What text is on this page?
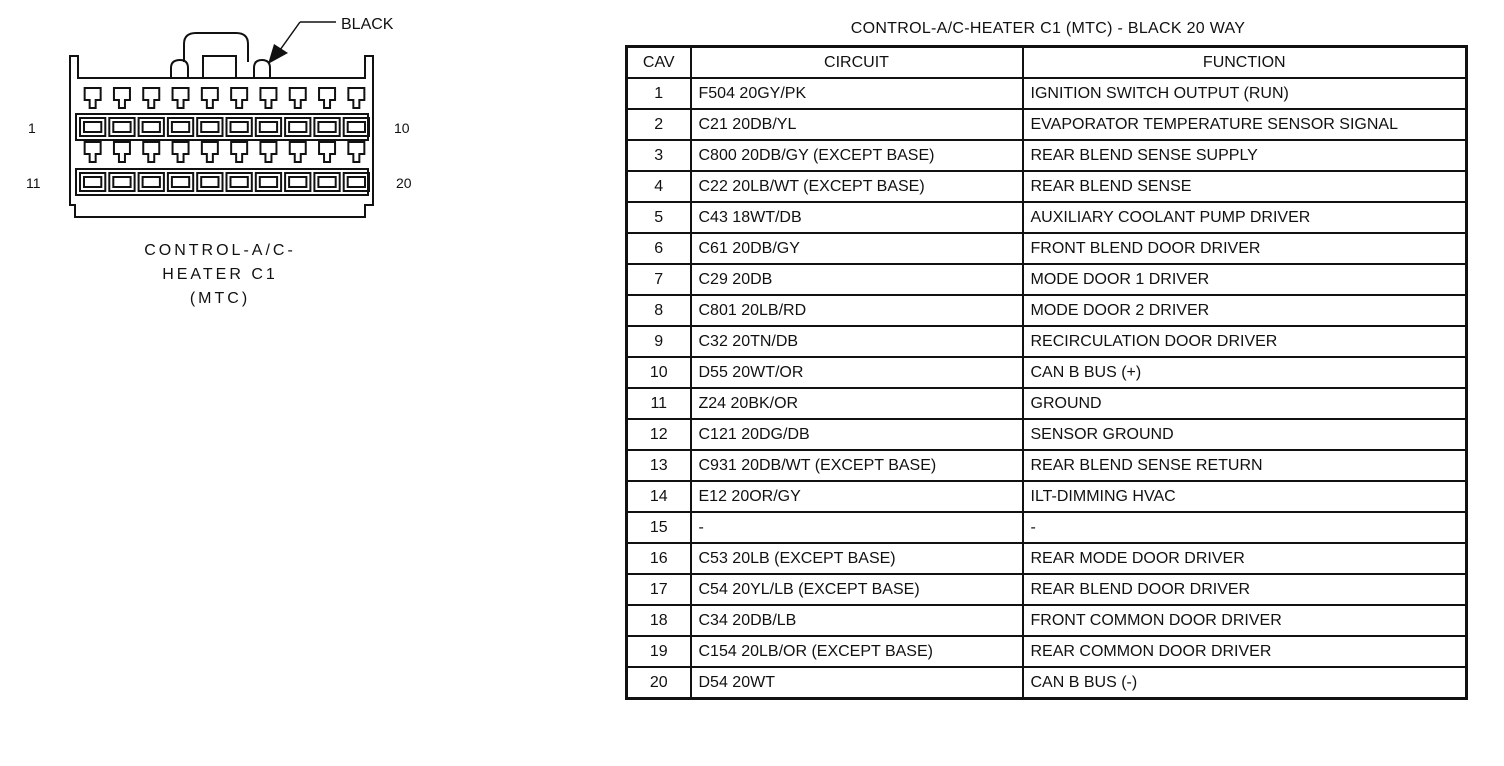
BLACK
1	10
11	20
CONTROL-A/C-
HEATER C1
(MTC)
CONTROL-A/C-HEATER C1 (MTC) - BLACK 20 WAY
CAV	CIRCUIT	FUNCTION
1	F504 20GY/PK	IGNITION SWITCH OUTPUT (RUN)
2	C21 20DB/YL	EVAPORATOR TEMPERATURE SENSOR SIGNAL
3	C800 20DB/GY (EXCEPT BASE)	REAR BLEND SENSE SUPPLY
4	C22 20LB/WT (EXCEPT BASE)	REAR BLEND SENSE
5	C43 18WT/DB	AUXILIARY COOLANT PUMP DRIVER
6	C61 20DB/GY	FRONT BLEND DOOR DRIVER
7	C29 20DB	MODE DOOR 1 DRIVER
8	C801 20LB/RD	MODE DOOR 2 DRIVER
9	C32 20TN/DB	RECIRCULATION DOOR DRIVER
10	D55 20WT/OR	CAN B BUS (+)
11	Z24 20BK/OR	GROUND
12	C121 20DG/DB	SENSOR GROUND
13	C931 20DB/WT (EXCEPT BASE)	REAR BLEND SENSE RETURN
14	E12 20OR/GY	ILT-DIMMING HVAC
15	-	-
16	C53 20LB (EXCEPT BASE)	REAR MODE DOOR DRIVER
17	C54 20YL/LB (EXCEPT BASE)	REAR BLEND DOOR DRIVER
18	C34 20DB/LB	FRONT COMMON DOOR DRIVER
19	C154 20LB/OR (EXCEPT BASE)	REAR COMMON DOOR DRIVER
20	D54 20WT	CAN B BUS (-)
